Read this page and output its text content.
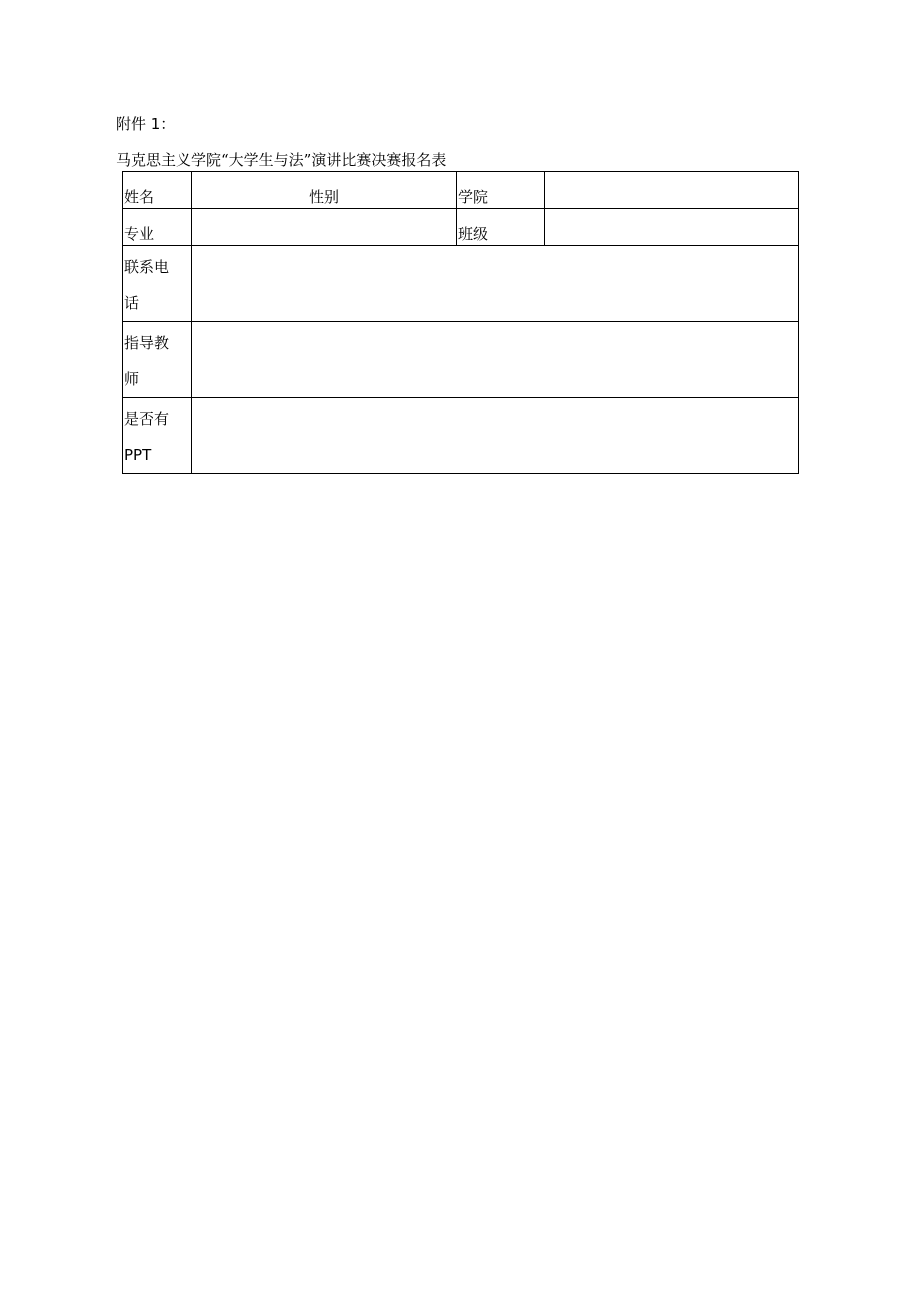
附件 1：
马克思主义学院“大学生与法”演讲比赛决赛报名表
姓名	性别	学院	

专业		班级	

联系电
话			

指导教
师			

是否有
PPT			
